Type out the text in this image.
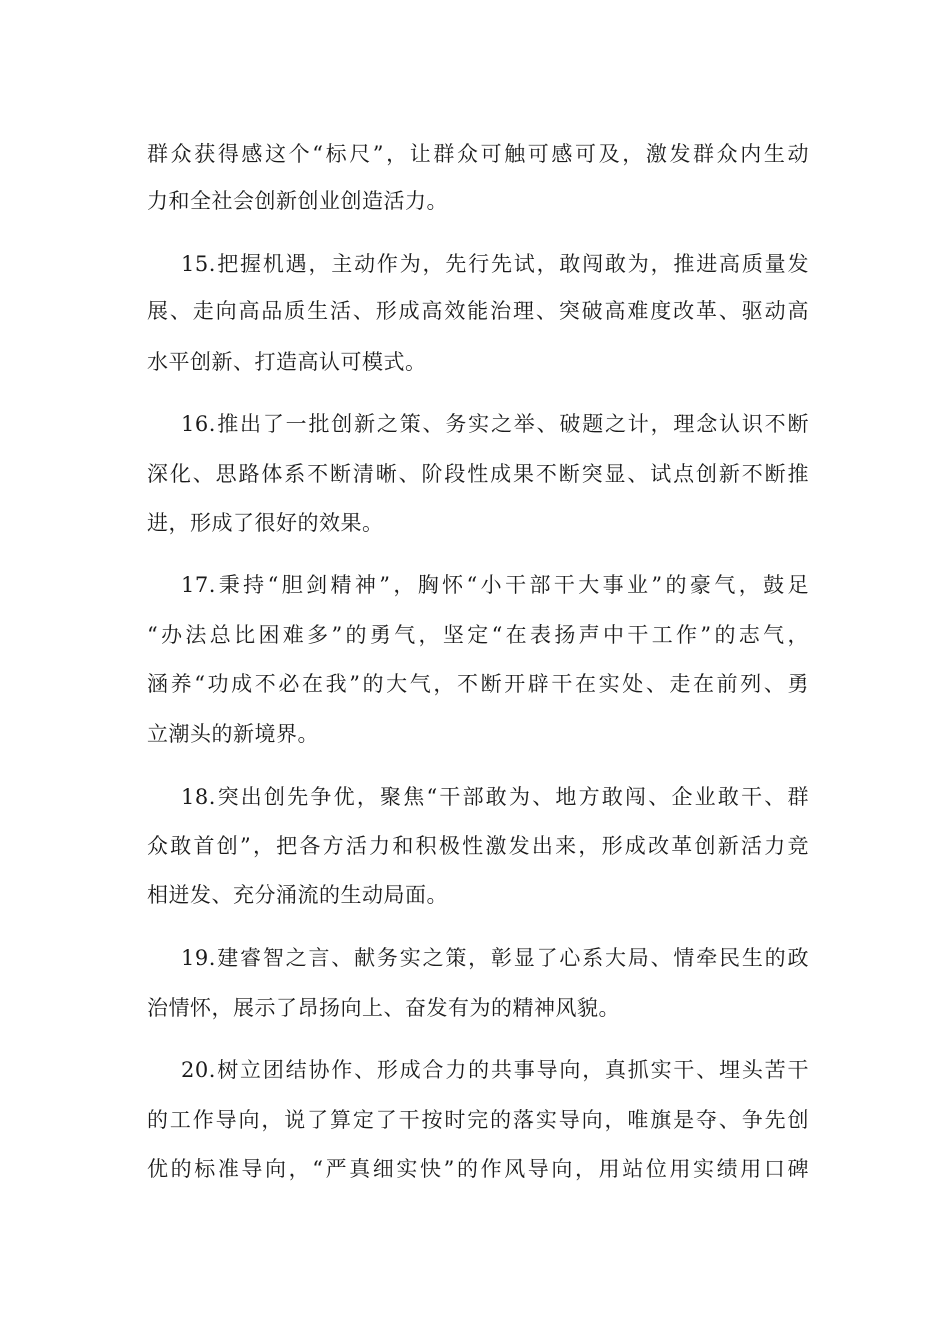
群众获得感这个“标尺”，让群众可触可感可及，激发群众内生动
力和全社会创新创业创造活力。
15.把握机遇，主动作为，先行先试，敢闯敢为，推进高质量发
展、走向高品质生活、形成高效能治理、突破高难度改革、驱动高
水平创新、打造高认可模式。
16.推出了一批创新之策、务实之举、破题之计，理念认识不断
深化、思路体系不断清晰、阶段性成果不断突显、试点创新不断推
进，形成了很好的效果。
17.秉持“胆剑精神”，胸怀“小干部干大事业”的豪气，鼓足
“办法总比困难多”的勇气，坚定“在表扬声中干工作”的志气，
涵养“功成不必在我”的大气，不断开辟干在实处、走在前列、勇
立潮头的新境界。
18.突出创先争优，聚焦“干部敢为、地方敢闯、企业敢干、群
众敢首创”，把各方活力和积极性激发出来，形成改革创新活力竞
相迸发、充分涌流的生动局面。
19.建睿智之言、献务实之策，彰显了心系大局、情牵民生的政
治情怀，展示了昂扬向上、奋发有为的精神风貌。
20.树立团结协作、形成合力的共事导向，真抓实干、埋头苦干
的工作导向，说了算定了干按时完的落实导向，唯旗是夺、争先创
优的标准导向，“严真细实快”的作风导向，用站位用实绩用口碑
